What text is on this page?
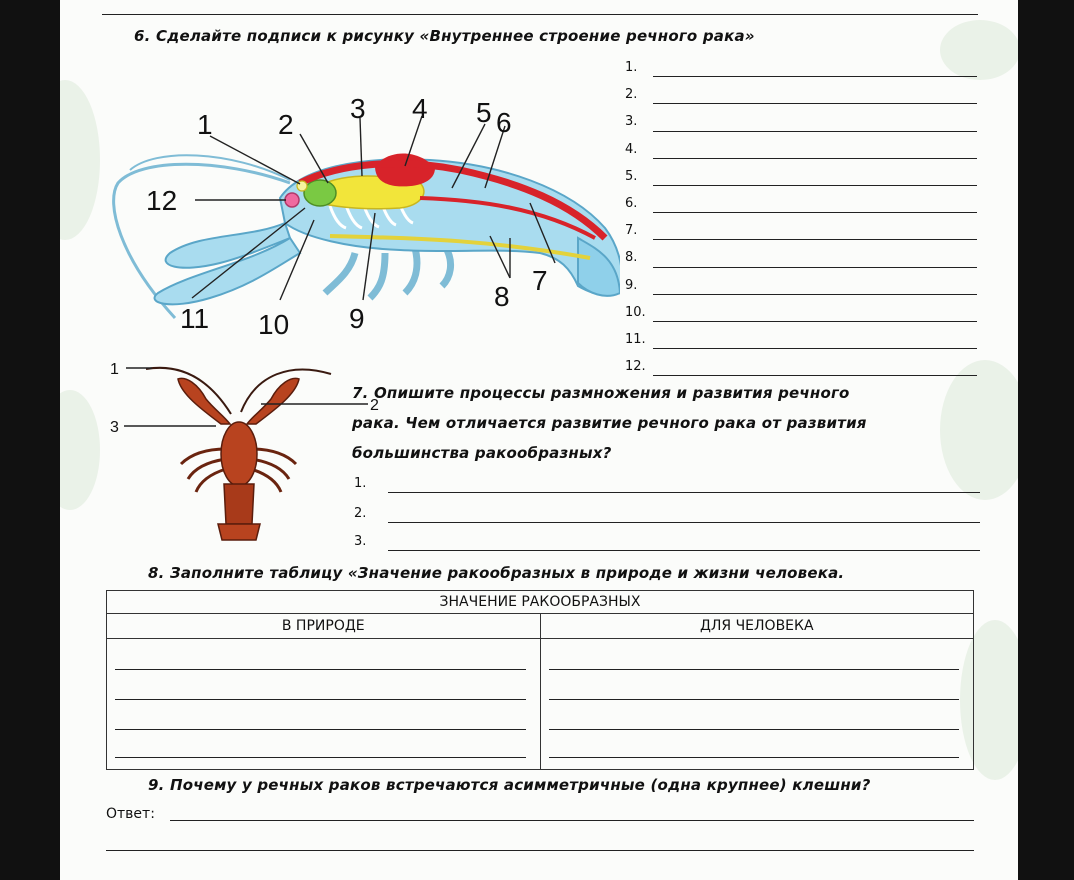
6. Сделайте подписи к рисунку «Внутреннее строение речного рака»
1.
2.
3.
4.
5.
6.
7.
8.
9.
10.
11.
12.
1 2
3 4 5 6
12
11 10 9
8
7
1
2
3
7. Опишите процессы размножения и развития речного
рака. Чем отличается развитие речного рака от развития
большинства ракообразных?
1.
2.
3.
8. Заполните таблицу «Значение ракообразных в природе и жизни человека.
ЗНАЧЕНИЕ РАКООБРАЗНЫХ	
В ПРИРОДЕ	ДЛЯ ЧЕЛОВЕКА

9. Почему у речных раков встречаются асимметричные (одна крупнее) клешни?
Ответ:
